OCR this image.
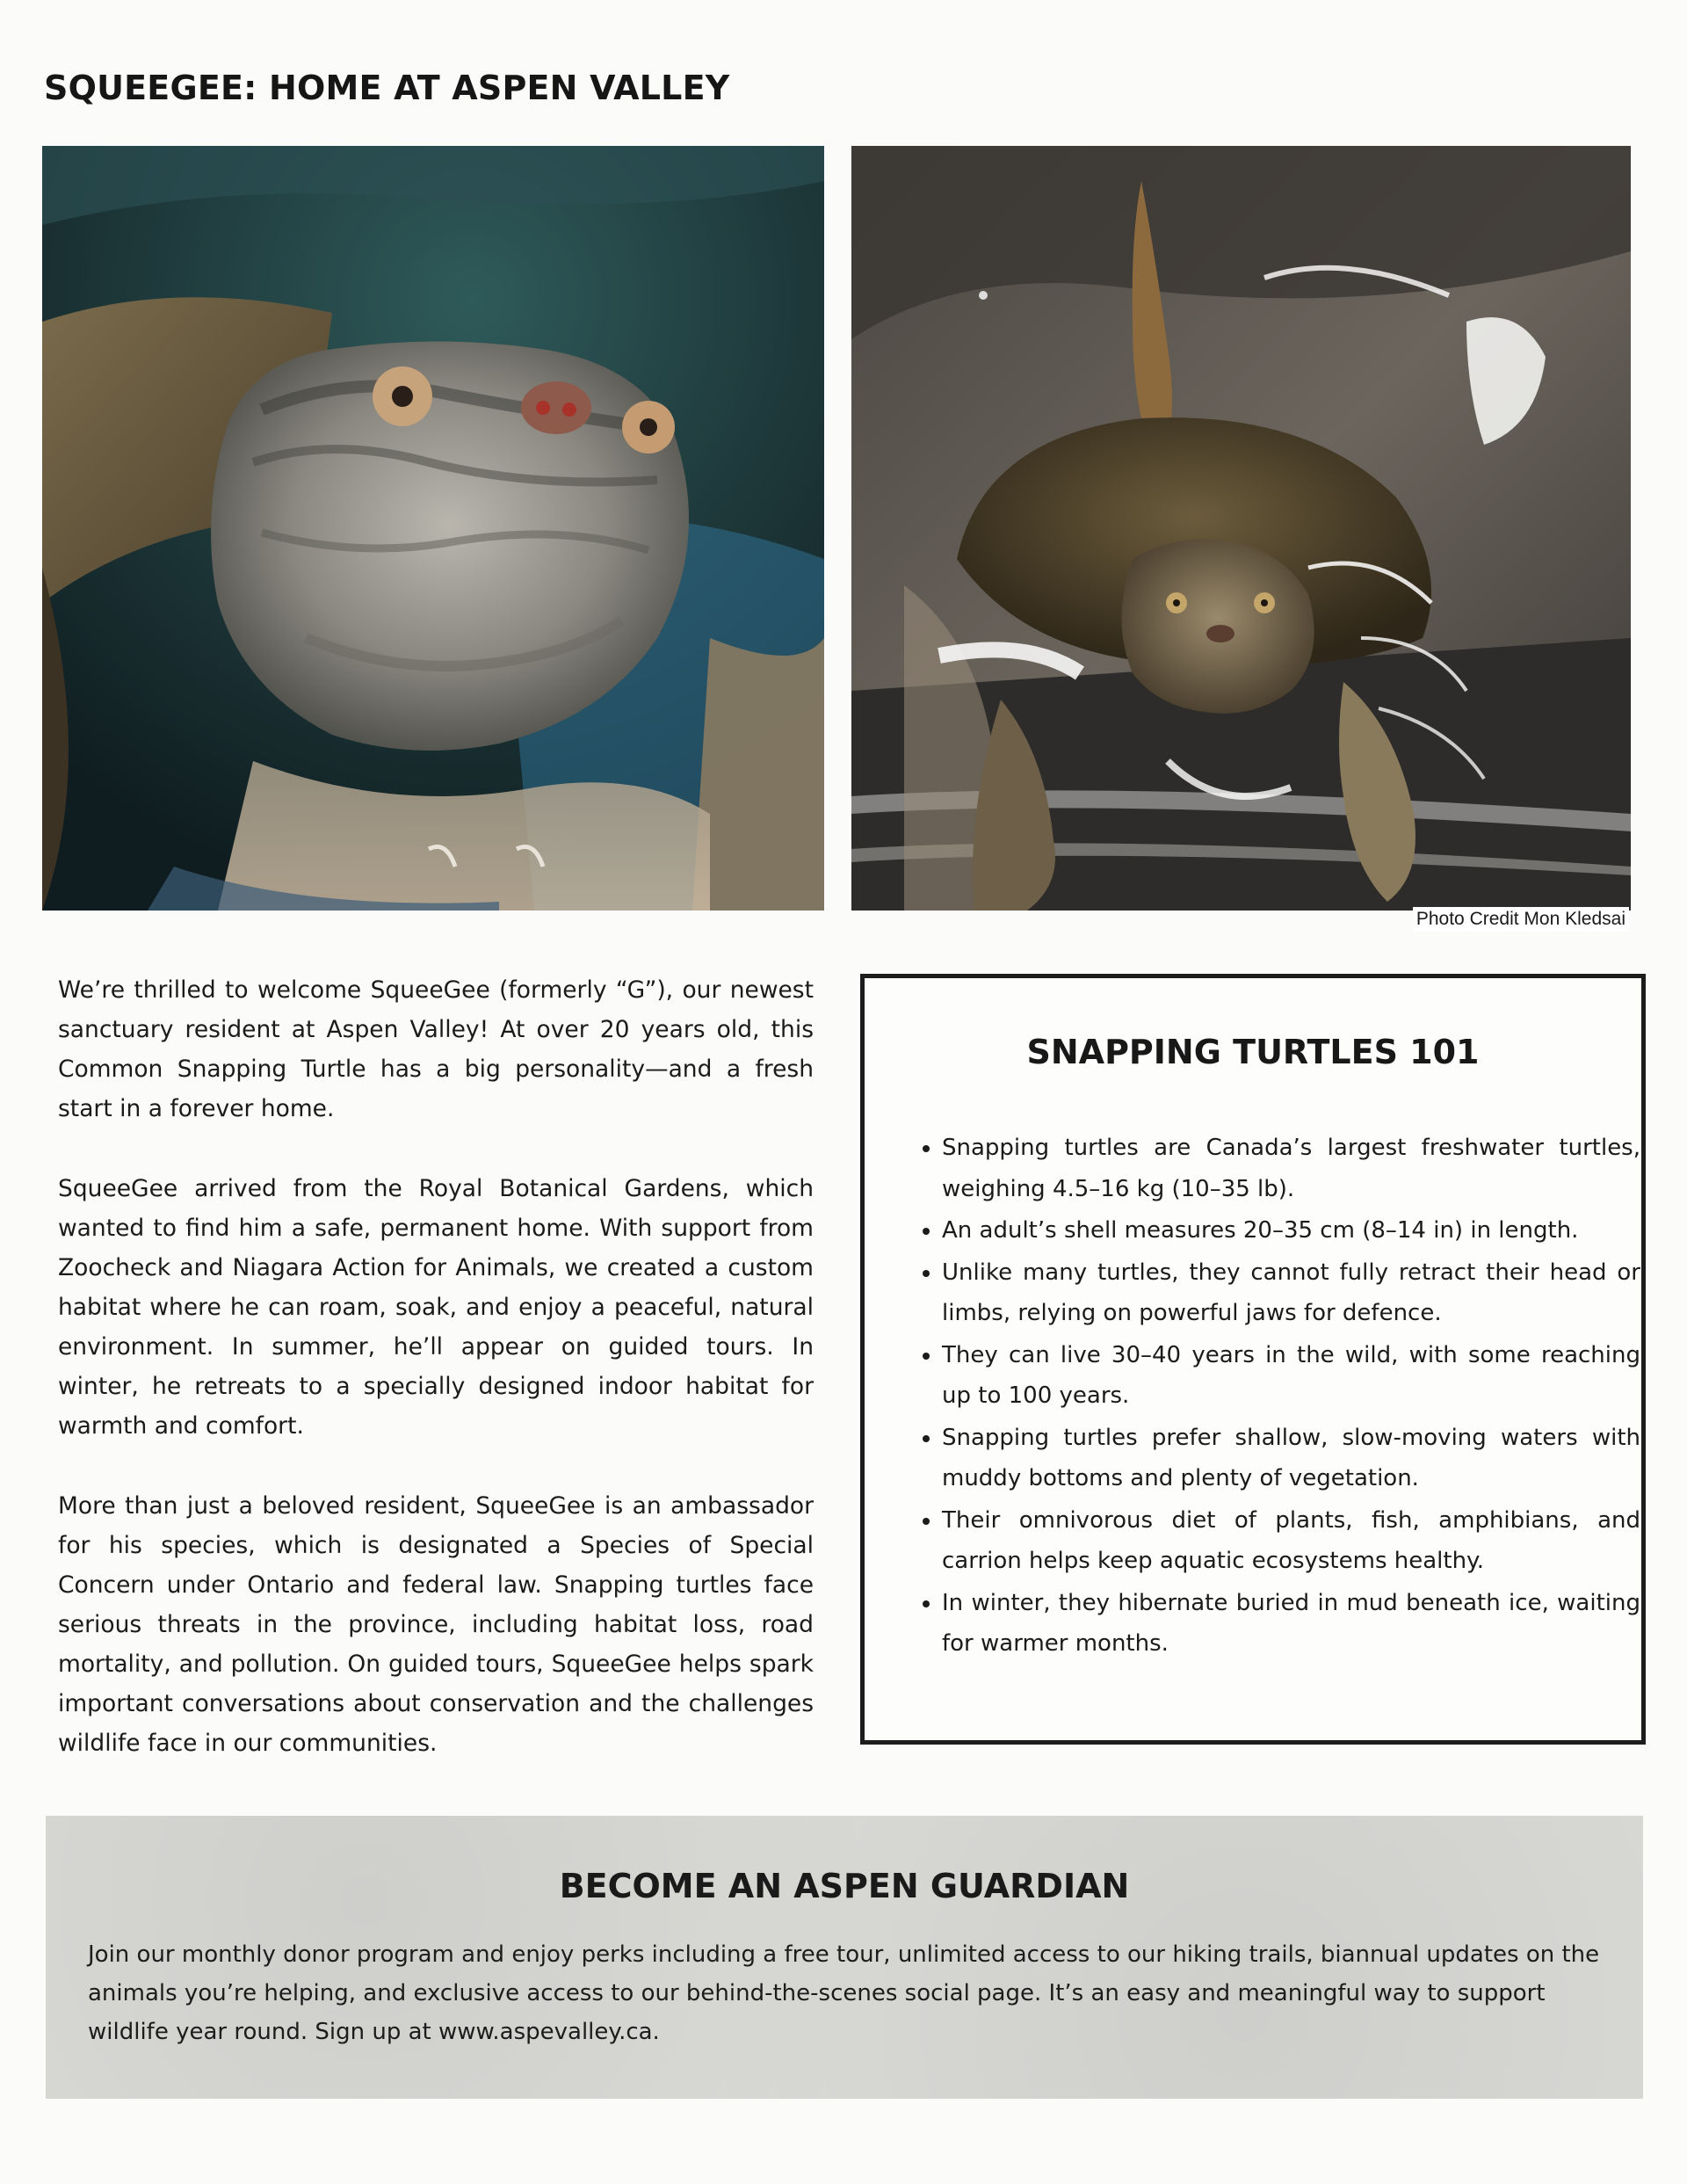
SQUEEGEE: HOME AT ASPEN VALLEY
Photo Credit Mon Kledsai

We’re thrilled to welcome SqueeGee (formerly “G”), our newest sanctuary resident at Aspen Valley! At over 20 years old, this Common Snapping Turtle has a big personality—and a fresh start in a forever home.

SqueeGee arrived from the Royal Botanical Gardens, which wanted to find him a safe, permanent home. With support from Zoocheck and Niagara Action for Animals, we created a custom habitat where he can roam, soak, and enjoy a peaceful, natural environment. In summer, he’ll appear on guided tours. In winter, he retreats to a specially designed indoor habitat for warmth and comfort.

More than just a beloved resident, SqueeGee is an ambassador for his species, which is designated a Species of Special Concern under Ontario and federal law. Snapping turtles face serious threats in the province, including habitat loss, road mortality, and pollution. On guided tours, SqueeGee helps spark important conversations about conservation and the challenges wildlife face in our communities.

SNAPPING TURTLES 101
• Snapping turtles are Canada’s largest freshwater turtles, weighing 4.5–16 kg (10–35 lb).
• An adult’s shell measures 20–35 cm (8–14 in) in length.
• Unlike many turtles, they cannot fully retract their head or limbs, relying on powerful jaws for defence.
• They can live 30–40 years in the wild, with some reaching up to 100 years.
• Snapping turtles prefer shallow, slow-moving waters with muddy bottoms and plenty of vegetation.
• Their omnivorous diet of plants, fish, amphibians, and carrion helps keep aquatic ecosystems healthy.
• In winter, they hibernate buried in mud beneath ice, waiting for warmer months.
BECOME AN ASPEN GUARDIAN
Join our monthly donor program and enjoy perks including a free tour, unlimited access to our hiking trails, biannual updates on the animals you’re helping, and exclusive access to our behind-the-scenes social page. It’s an easy and meaningful way to support wildlife year round. Sign up at www.aspevalley.ca.
